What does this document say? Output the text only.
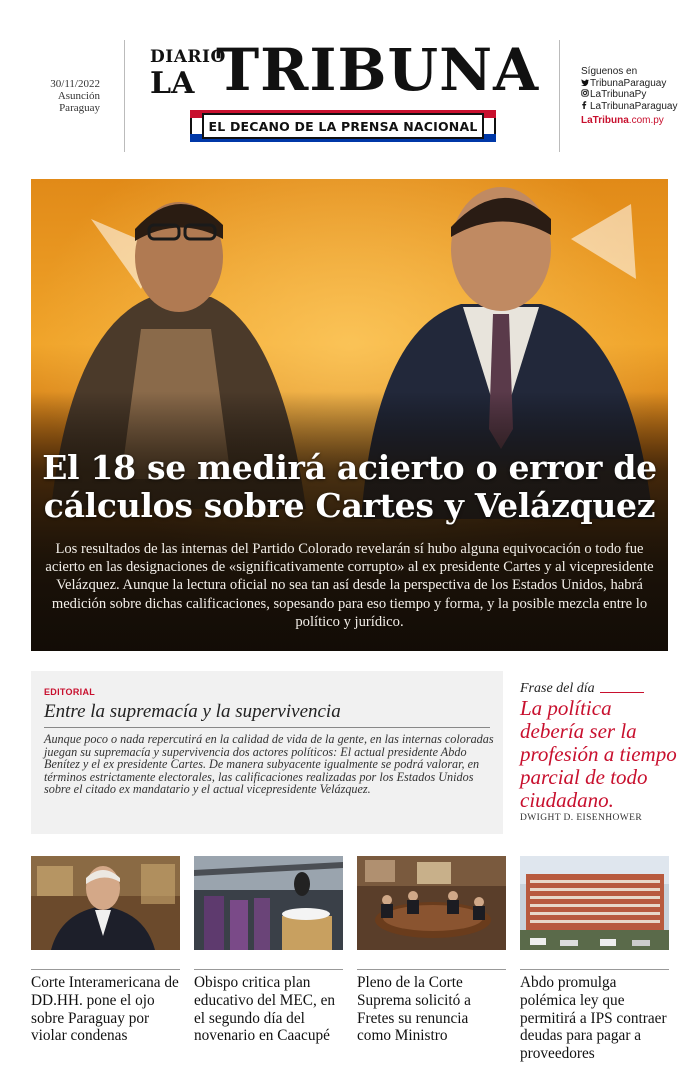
30/11/2022
Asunción
Paraguay
DIARIO
LA TRIBUNA
EL DECANO DE LA PRENSA NACIONAL
Síguenos en
TribunaParaguay
LaTribunaPy
LaTribunaParaguay
LaTribuna.com.py
El 18 se medirá acierto o error de
cálculos sobre Cartes y Velázquez
Los resultados de las internas del Partido Colorado revelarán sí hubo alguna equivocación o todo fue acierto en las designaciones de «significativamente corrupto» al ex presidente Cartes y al vicepresidente Velázquez. Aunque la lectura oficial no sea tan así desde la perspectiva de los Estados Unidos, habrá medición sobre dichas calificaciones, sopesando para eso tiempo y forma, y la posible mezcla entre lo político y jurídico.
EDITORIAL
Entre la supremacía y la supervivencia
Aunque poco o nada repercutirá en la calidad de vida de la gente, en las internas coloradas juegan su supremacía y supervivencia dos actores políticos: El actual presidente Abdo Benítez y el ex presidente Cartes. De manera subyacente igualmente se podrá valorar, en términos estrictamente electorales, las calificaciones realizadas por los Estados Unidos sobre el citado ex mandatario y el actual vicepresidente Velázquez.
Frase del día
La política debería ser la profesión a tiempo parcial de todo ciudadano.
DWIGHT D. EISENHOWER
Corte Interamericana de DD.HH. pone el ojo sobre Paraguay por violar condenas
Obispo critica plan educativo del MEC, en el segundo día del novenario en Caacupé
Pleno de la Corte Suprema solicitó a Fretes su renuncia como Ministro
Abdo promulga polémica ley que permitirá a IPS contraer deudas para pagar a proveedores
